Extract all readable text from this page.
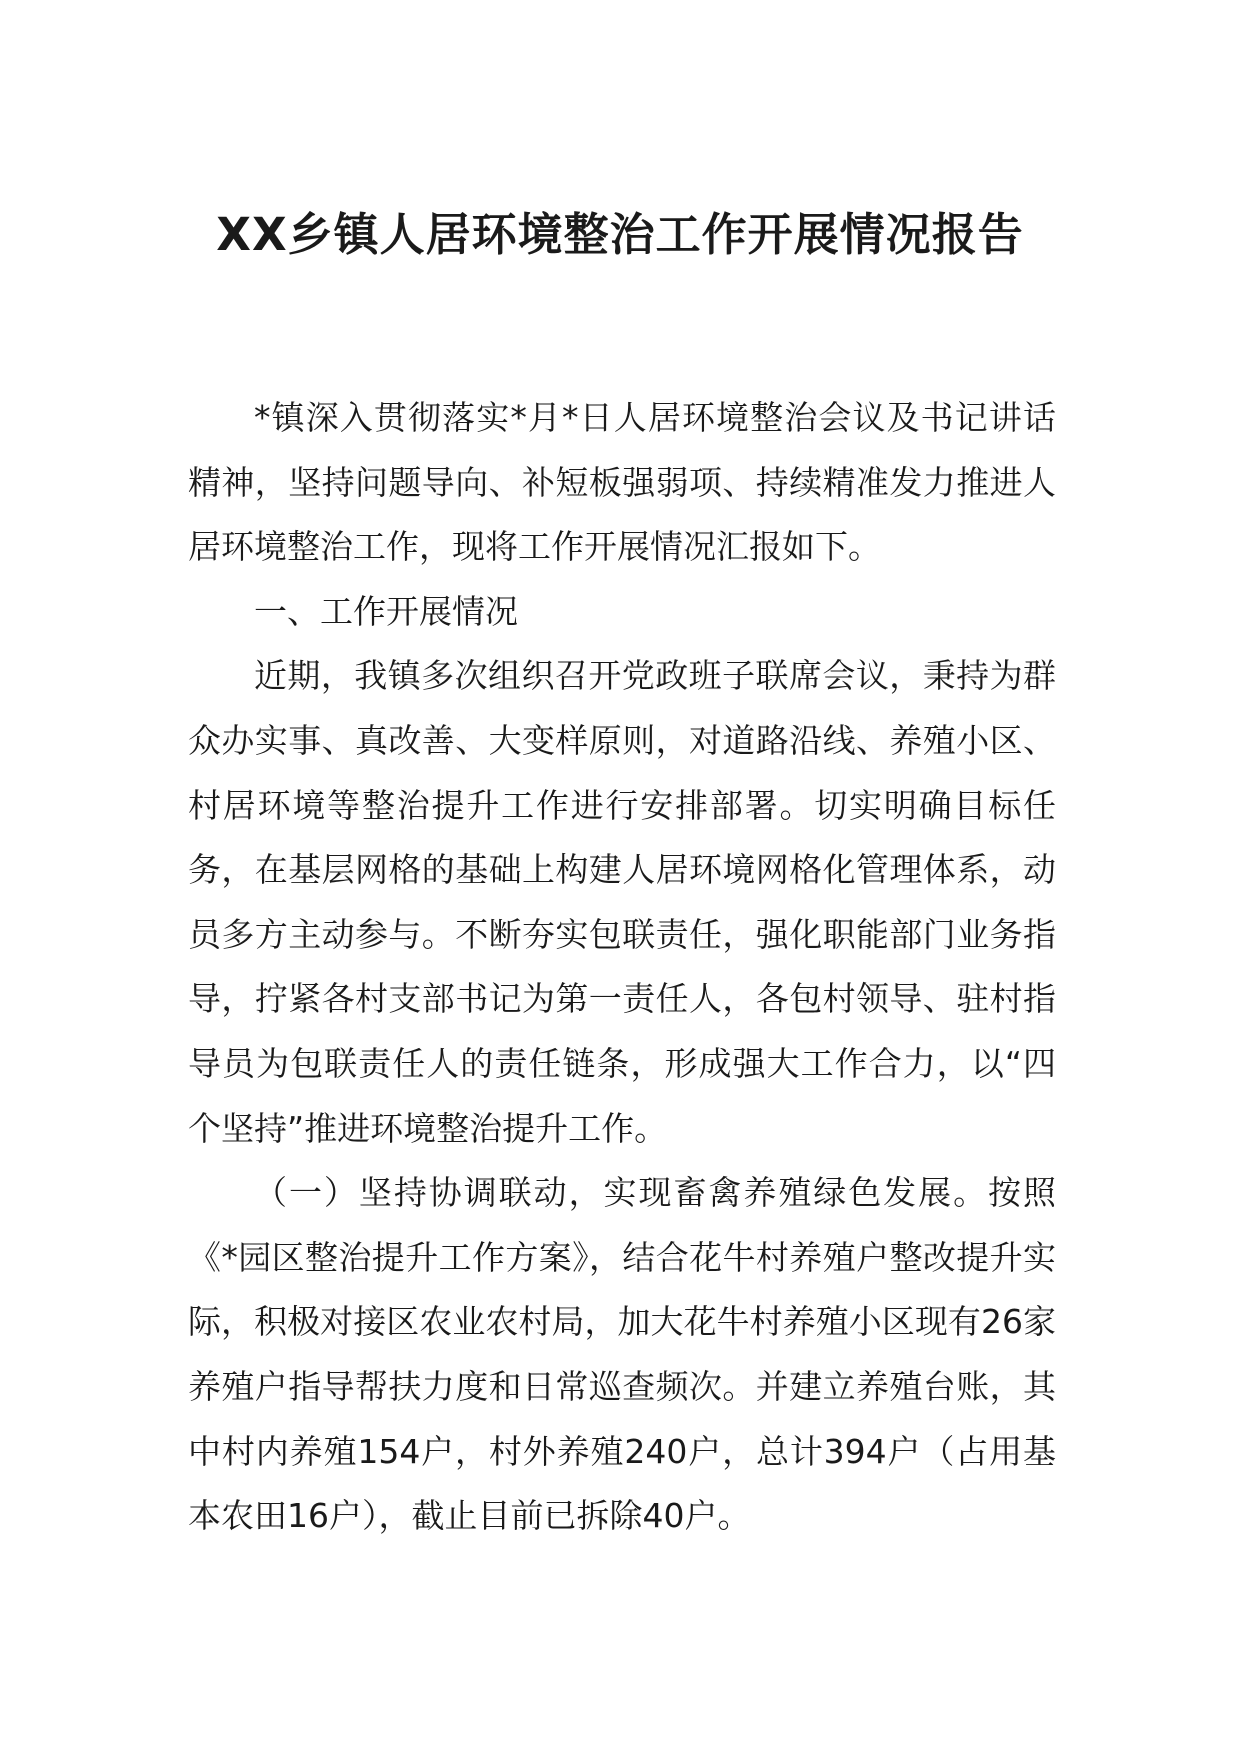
XX乡镇人居环境整治工作开展情况报告

*镇深入贯彻落实*月*日人居环境整治会议及书记讲话精神，坚持问题导向、补短板强弱项、持续精准发力推进人居环境整治工作，现将工作开展情况汇报如下。

一、工作开展情况

近期，我镇多次组织召开党政班子联席会议，秉持为群众办实事、真改善、大变样原则，对道路沿线、养殖小区、村居环境等整治提升工作进行安排部署。切实明确目标任务，在基层网格的基础上构建人居环境网格化管理体系，动员多方主动参与。不断夯实包联责任，强化职能部门业务指导，拧紧各村支部书记为第一责任人，各包村领导、驻村指导员为包联责任人的责任链条，形成强大工作合力，以“四个坚持”推进环境整治提升工作。

（一）坚持协调联动，实现畜禽养殖绿色发展。按照《*园区整治提升工作方案》，结合花牛村养殖户整改提升实际，积极对接区农业农村局，加大花牛村养殖小区现有26家养殖户指导帮扶力度和日常巡查频次。并建立养殖台账，其中村内养殖154户，村外养殖240户，总计394户（占用基本农田16户），截止目前已拆除40户。
